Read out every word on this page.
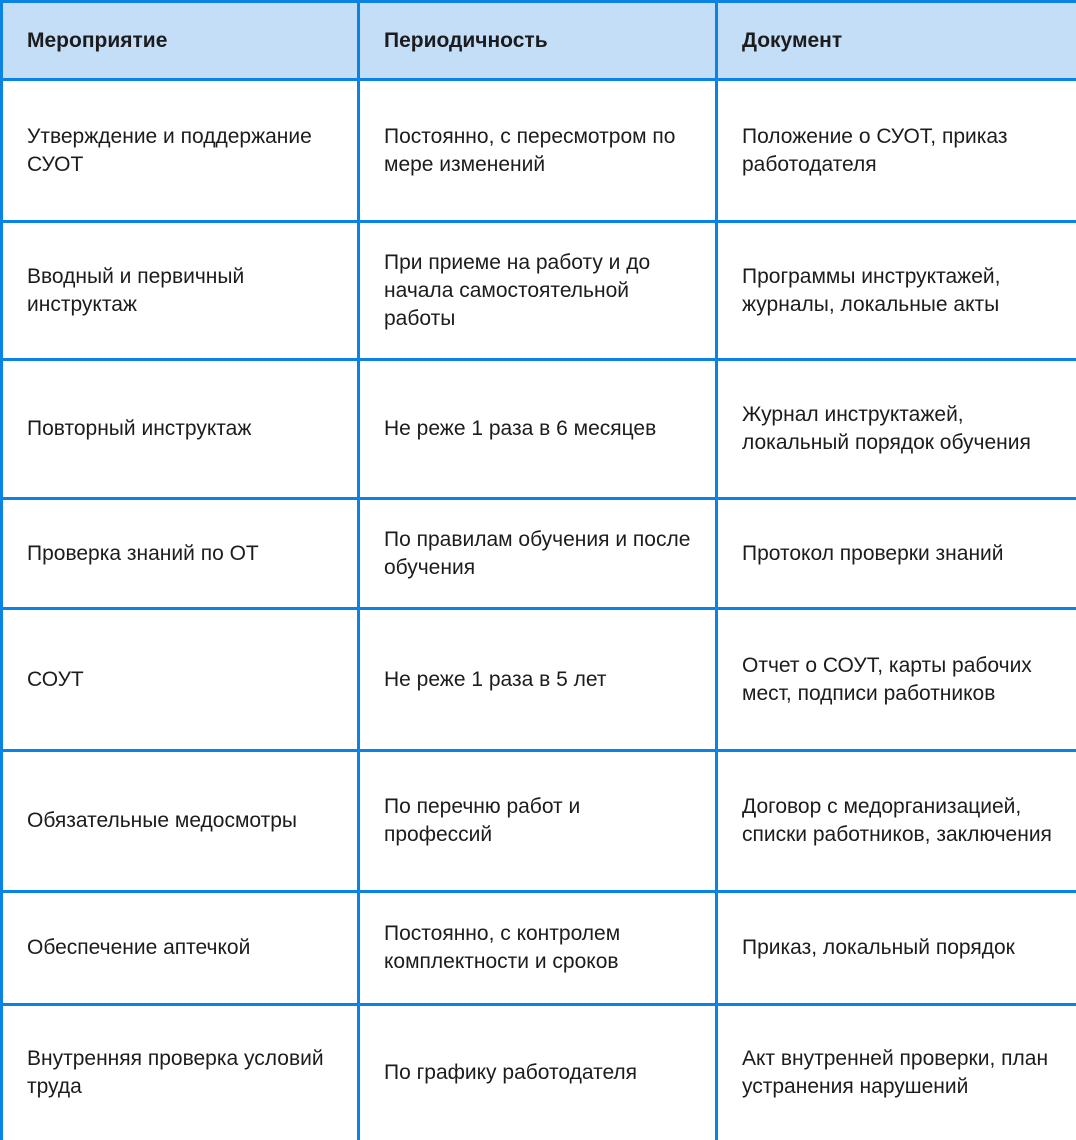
Мероприятие	Периодичность	Документ
Утверждение и поддержание СУОТ	Постоянно, с пересмотром по мере изменений	Положение о СУОТ, приказ работодателя
Вводный и первичный инструктаж	При приеме на работу и до начала самостоятельной работы	Программы инструктажей, журналы, локальные акты
Повторный инструктаж	Не реже 1 раза в 6 месяцев	Журнал инструктажей, локальный порядок обучения
Проверка знаний по ОТ	По правилам обучения и после обучения	Протокол проверки знаний
СОУТ	Не реже 1 раза в 5 лет	Отчет о СОУТ, карты рабочих мест, подписи работников
Обязательные медосмотры	По перечню работ и профессий	Договор с медорганизацией, списки работников, заключения
Обеспечение аптечкой	Постоянно, с контролем комплектности и сроков	Приказ, локальный порядок
Внутренняя проверка условий труда	По графику работодателя	Акт внутренней проверки, план устранения нарушений
